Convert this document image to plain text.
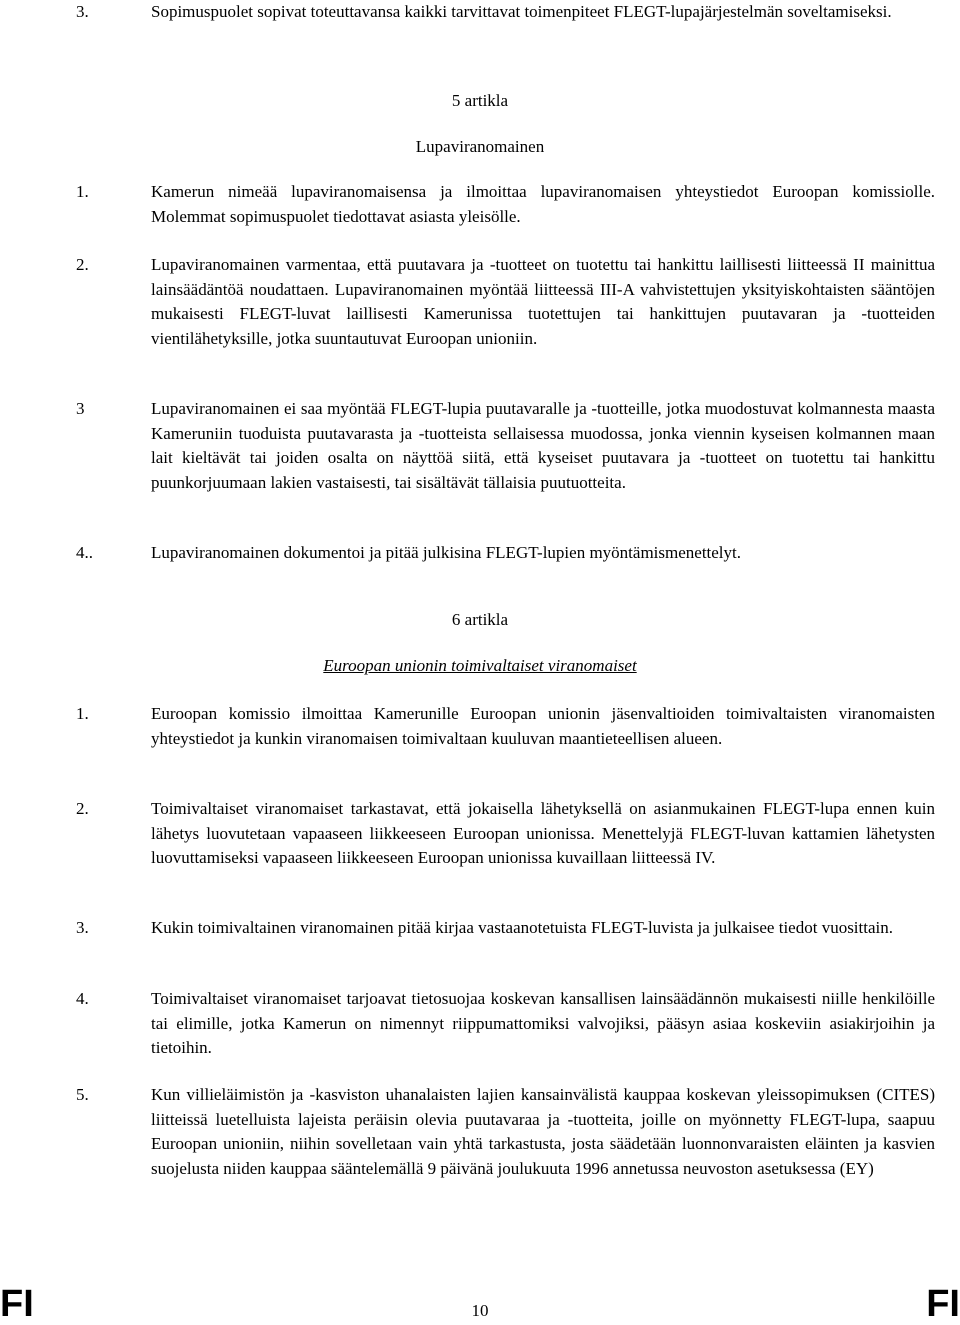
3.	Sopimuspuolet sopivat toteuttavansa kaikki tarvittavat toimenpiteet FLEGT-lupajärjestelmän soveltamiseksi.
5 artikla
Lupaviranomainen
1.	Kamerun nimeää lupaviranomaisensa ja ilmoittaa lupaviranomaisen yhteystiedot Euroopan komissiolle. Molemmat sopimuspuolet tiedottavat asiasta yleisölle.
2.	Lupaviranomainen varmentaa, että puutavara ja -tuotteet on tuotettu tai hankittu laillisesti liitteessä II mainittua lainsäädäntöä noudattaen. Lupaviranomainen myöntää liitteessä III-A vahvistettujen yksityiskohtaisten sääntöjen mukaisesti FLEGT-luvat laillisesti Kamerunissa tuotettujen tai hankittujen puutavaran ja -tuotteiden vientilähetyksille, jotka suuntautuvat Euroopan unioniin.
3	Lupaviranomainen ei saa myöntää FLEGT-lupia puutavaralle ja -tuotteille, jotka muodostuvat kolmannesta maasta Kameruniin tuoduista puutavarasta ja -tuotteista sellaisessa muodossa, jonka viennin kyseisen kolmannen maan lait kieltävät tai joiden osalta on näyttöä siitä, että kyseiset puutavara ja -tuotteet on tuotettu tai hankittu puunkorjuumaan lakien vastaisesti, tai sisältävät tällaisia puutuotteita.
4..	Lupaviranomainen dokumentoi ja pitää julkisina FLEGT-lupien myöntämismenettelyt.
6 artikla
Euroopan unionin toimivaltaiset viranomaiset
1.	Euroopan komissio ilmoittaa Kamerunille Euroopan unionin jäsenvaltioiden toimivaltaisten viranomaisten yhteystiedot ja kunkin viranomaisen toimivaltaan kuuluvan maantieteellisen alueen.
2.	Toimivaltaiset viranomaiset tarkastavat, että jokaisella lähetyksellä on asianmukainen FLEGT-lupa ennen kuin lähetys luovutetaan vapaaseen liikkeeseen Euroopan unionissa. Menettelyjä FLEGT-luvan kattamien lähetysten luovuttamiseksi vapaaseen liikkeeseen Euroopan unionissa kuvaillaan liitteessä IV.
3.	Kukin toimivaltainen viranomainen pitää kirjaa vastaanotetuista FLEGT-luvista ja julkaisee tiedot vuosittain.
4.	Toimivaltaiset viranomaiset tarjoavat tietosuojaa koskevan kansallisen lainsäädännön mukaisesti niille henkilöille tai elimille, jotka Kamerun on nimennyt riippumattomiksi valvojiksi, pääsyn asiaa koskeviin asiakirjoihin ja tietoihin.
5.	Kun villieläimistön ja -kasviston uhanalaisten lajien kansainvälistä kauppaa koskevan yleissopimuksen (CITES) liitteissä luetelluista lajeista peräisin olevia puutavaraa ja -tuotteita, joille on myönnetty FLEGT-lupa, saapuu Euroopan unioniin, niihin sovelletaan vain yhtä tarkastusta, josta säädetään luonnonvaraisten eläinten ja kasvien suojelusta niiden kauppaa sääntelemällä 9 päivänä joulukuuta 1996 annetussa neuvoston asetuksessa (EY)
FI	10	FI
